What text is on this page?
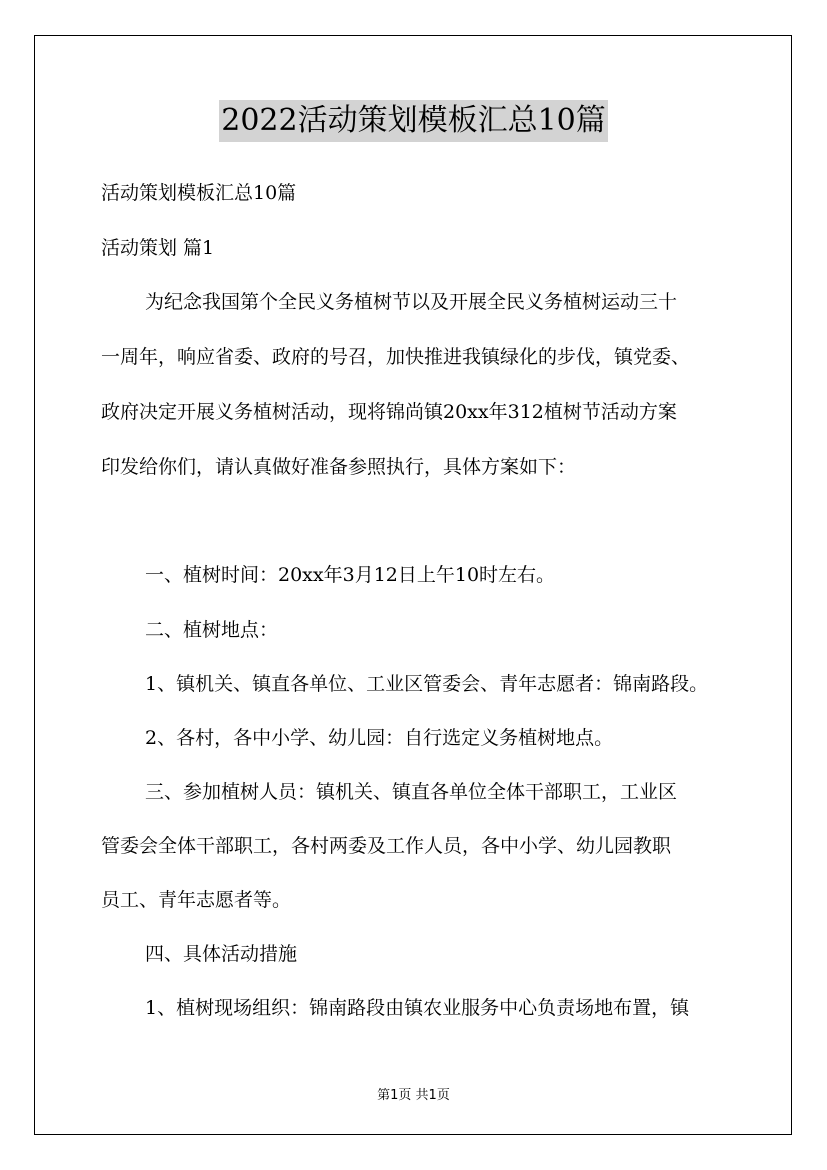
2022活动策划模板汇总10篇
活动策划模板汇总10篇
活动策划 篇1
为纪念我国第个全民义务植树节以及开展全民义务植树运动三十
一周年，响应省委、政府的号召，加快推进我镇绿化的步伐，镇党委、
政府决定开展义务植树活动，现将锦尚镇20xx年312植树节活动方案
印发给你们，请认真做好准备参照执行，具体方案如下：
一、植树时间：20xx年3月12日上午10时左右。
二、植树地点：
1、镇机关、镇直各单位、工业区管委会、青年志愿者：锦南路段。
2、各村，各中小学、幼儿园：自行选定义务植树地点。
三、参加植树人员：镇机关、镇直各单位全体干部职工，工业区
管委会全体干部职工，各村两委及工作人员，各中小学、幼儿园教职
员工、青年志愿者等。
四、具体活动措施
1、植树现场组织：锦南路段由镇农业服务中心负责场地布置，镇
第1页 共1页
